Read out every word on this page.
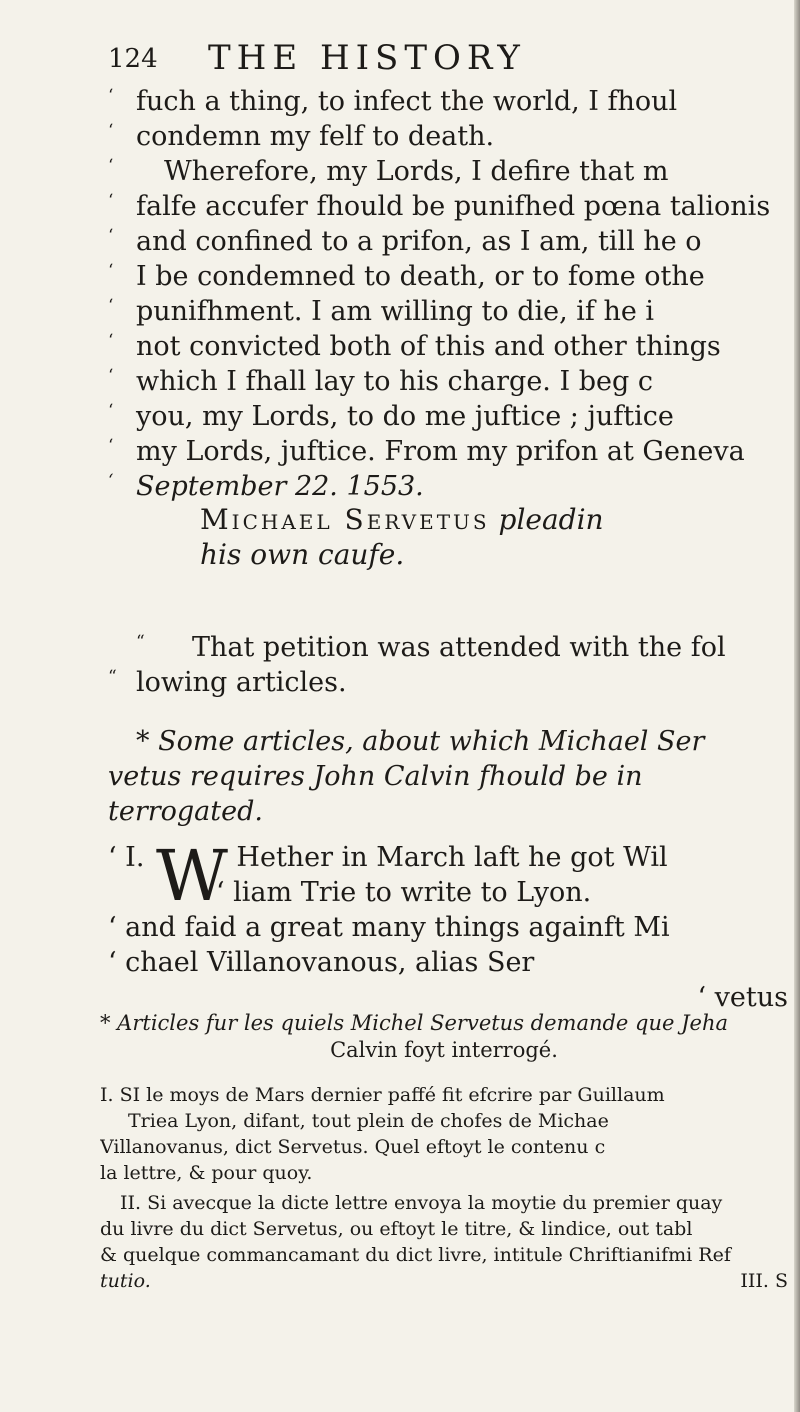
124 THE HISTORY
‘ fuch a thing, to infect the world, I fhoul
‘ condemn my felf to death.
‘ Wherefore, my Lords, I defire that m
‘ falfe accufer fhould be punifhed pœna talionis
‘ and confined to a prifon, as I am, till he o
‘ I be condemned to death, or to fome othe
‘ punifhment. I am willing to die, if he i
‘ not convicted both of this and other things
‘ which I fhall lay to his charge. I beg c
‘ you, my Lords, to do me juftice ; juftice
‘ my Lords, juftice. From my prifon at Geneva
‘ September 22. 1553.
Michael Servetus pleadin
his own caufe.
“ That petition was attended with the fol
“ lowing articles.
* Some articles, about which Michael Ser
vetus requires John Calvin fhould be in
terrogated.
W
‘ I.	Hether in March laft he got Wil
‘ liam Trie to write to Lyon.
‘ and faid a great many things againft Mi
‘ chael Villanovanous, alias Ser
‘ vetus
* Articles fur les quiels Michel Servetus demande que Jeha
Calvin foyt interrogé.
I. SI le moys de Mars dernier paffé fit efcrire par Guillaum
Triea Lyon, difant, tout plein de chofes de Michae
Villanovanus, dict Servetus. Quel eftoyt le contenu c
la lettre, & pour quoy.
II. Si avecque la dicte lettre envoya la moytie du premier quay
du livre du dict Servetus, ou eftoyt le titre, & lindice, out tabl
& quelque commancamant du dict livre, intitule Chriftianifmi Ref
tutio.	III. S
